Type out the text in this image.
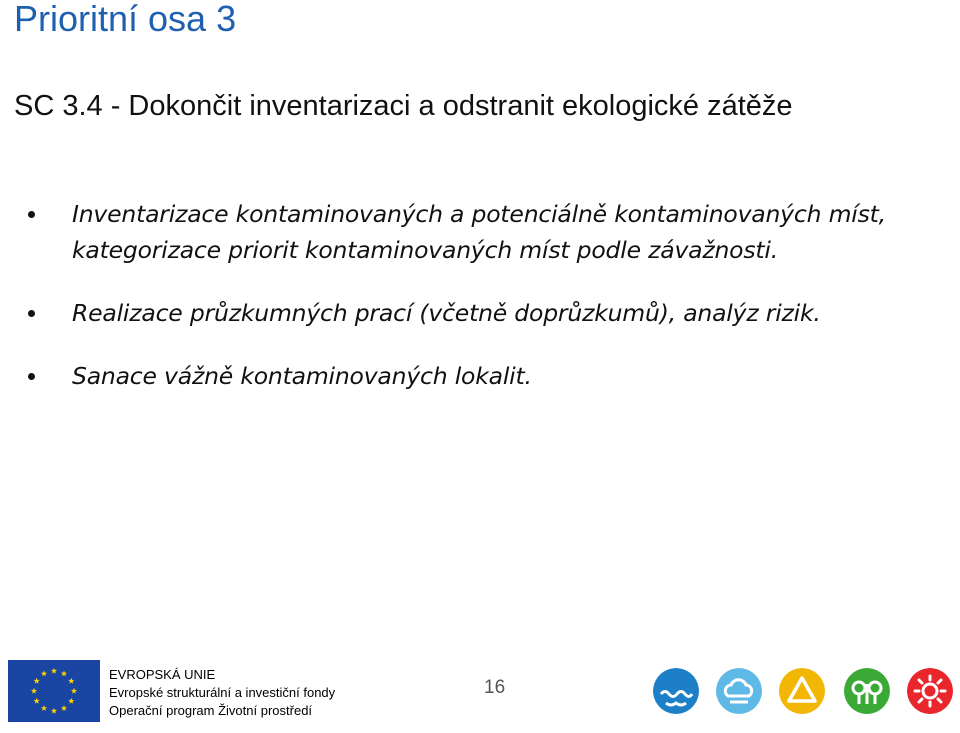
Prioritní osa 3
SC 3.4 - Dokončit inventarizaci a odstranit ekologické zátěže
Inventarizace kontaminovaných a potenciálně kontaminovaných míst, kategorizace priorit kontaminovaných míst podle závažnosti.
Realizace průzkumných prací (včetně doprůzkumů), analýz rizik.
Sanace vážně kontaminovaných lokalit.
EVROPSKÁ UNIE
Evropské strukturální a investiční fondy
Operační program Životní prostředí
16
